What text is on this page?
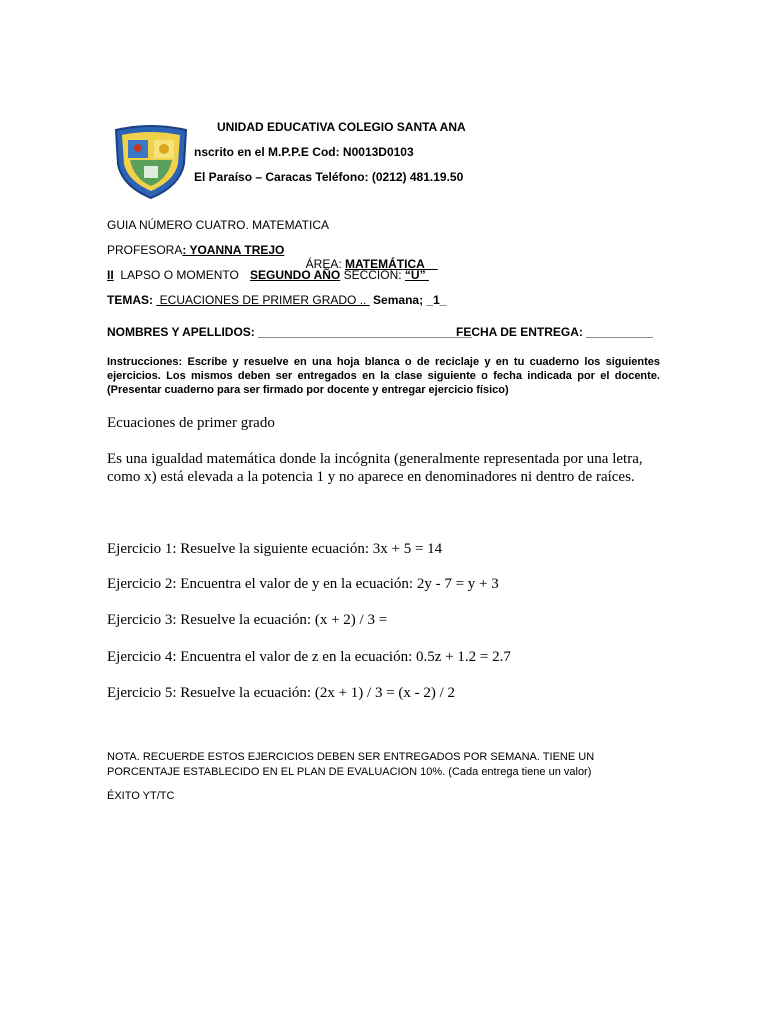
UNIDAD EDUCATIVA COLEGIO SANTA ANA
nscrito en el M.P.P.E Cod: N0013D0103
El Paraíso – Caracas Teléfono: (0212) 481.19.50
GUIA NÚMERO CUATRO. MATEMATICA
PROFESORA: YOANNA TREJO

ÁREA: MATEMÁTICA

II  LAPSO O MOMENTO SEGUNDO AÑO SECCION: “U”
TEMAS:  ECUACIONES DE PRIMER GRADO ..  Semana; _1_
NOMBRES Y APELLIDOS: ________________________________
FECHA DE ENTREGA: __________
Instrucciones: Escribe y resuelve en una hoja blanca o de reciclaje y en tu cuaderno los siguientes ejercicios. Los mismos deben ser entregados en la clase siguiente o fecha indicada por el docente. (Presentar cuaderno para ser firmado por docente y entregar ejercicio físico)
Ecuaciones de primer grado
Es una igualdad matemática donde la incógnita (generalmente representada por una letra, como x) está elevada a la potencia 1 y no aparece en denominadores ni dentro de raíces.
Ejercicio 1: Resuelve la siguiente ecuación: 3x + 5 = 14
Ejercicio 2: Encuentra el valor de y en la ecuación: 2y - 7 = y + 3
Ejercicio 3: Resuelve la ecuación: (x + 2) / 3 =
Ejercicio 4: Encuentra el valor de z en la ecuación: 0.5z + 1.2 = 2.7
Ejercicio 5: Resuelve la ecuación: (2x + 1) / 3 = (x - 2) / 2
NOTA. RECUERDE ESTOS EJERCICIOS DEBEN SER ENTREGADOS POR SEMANA. TIENE UN PORCENTAJE ESTABLECIDO EN EL PLAN DE EVALUACION 10%. (Cada entrega tiene un valor)
ÉXITO YT/TC
